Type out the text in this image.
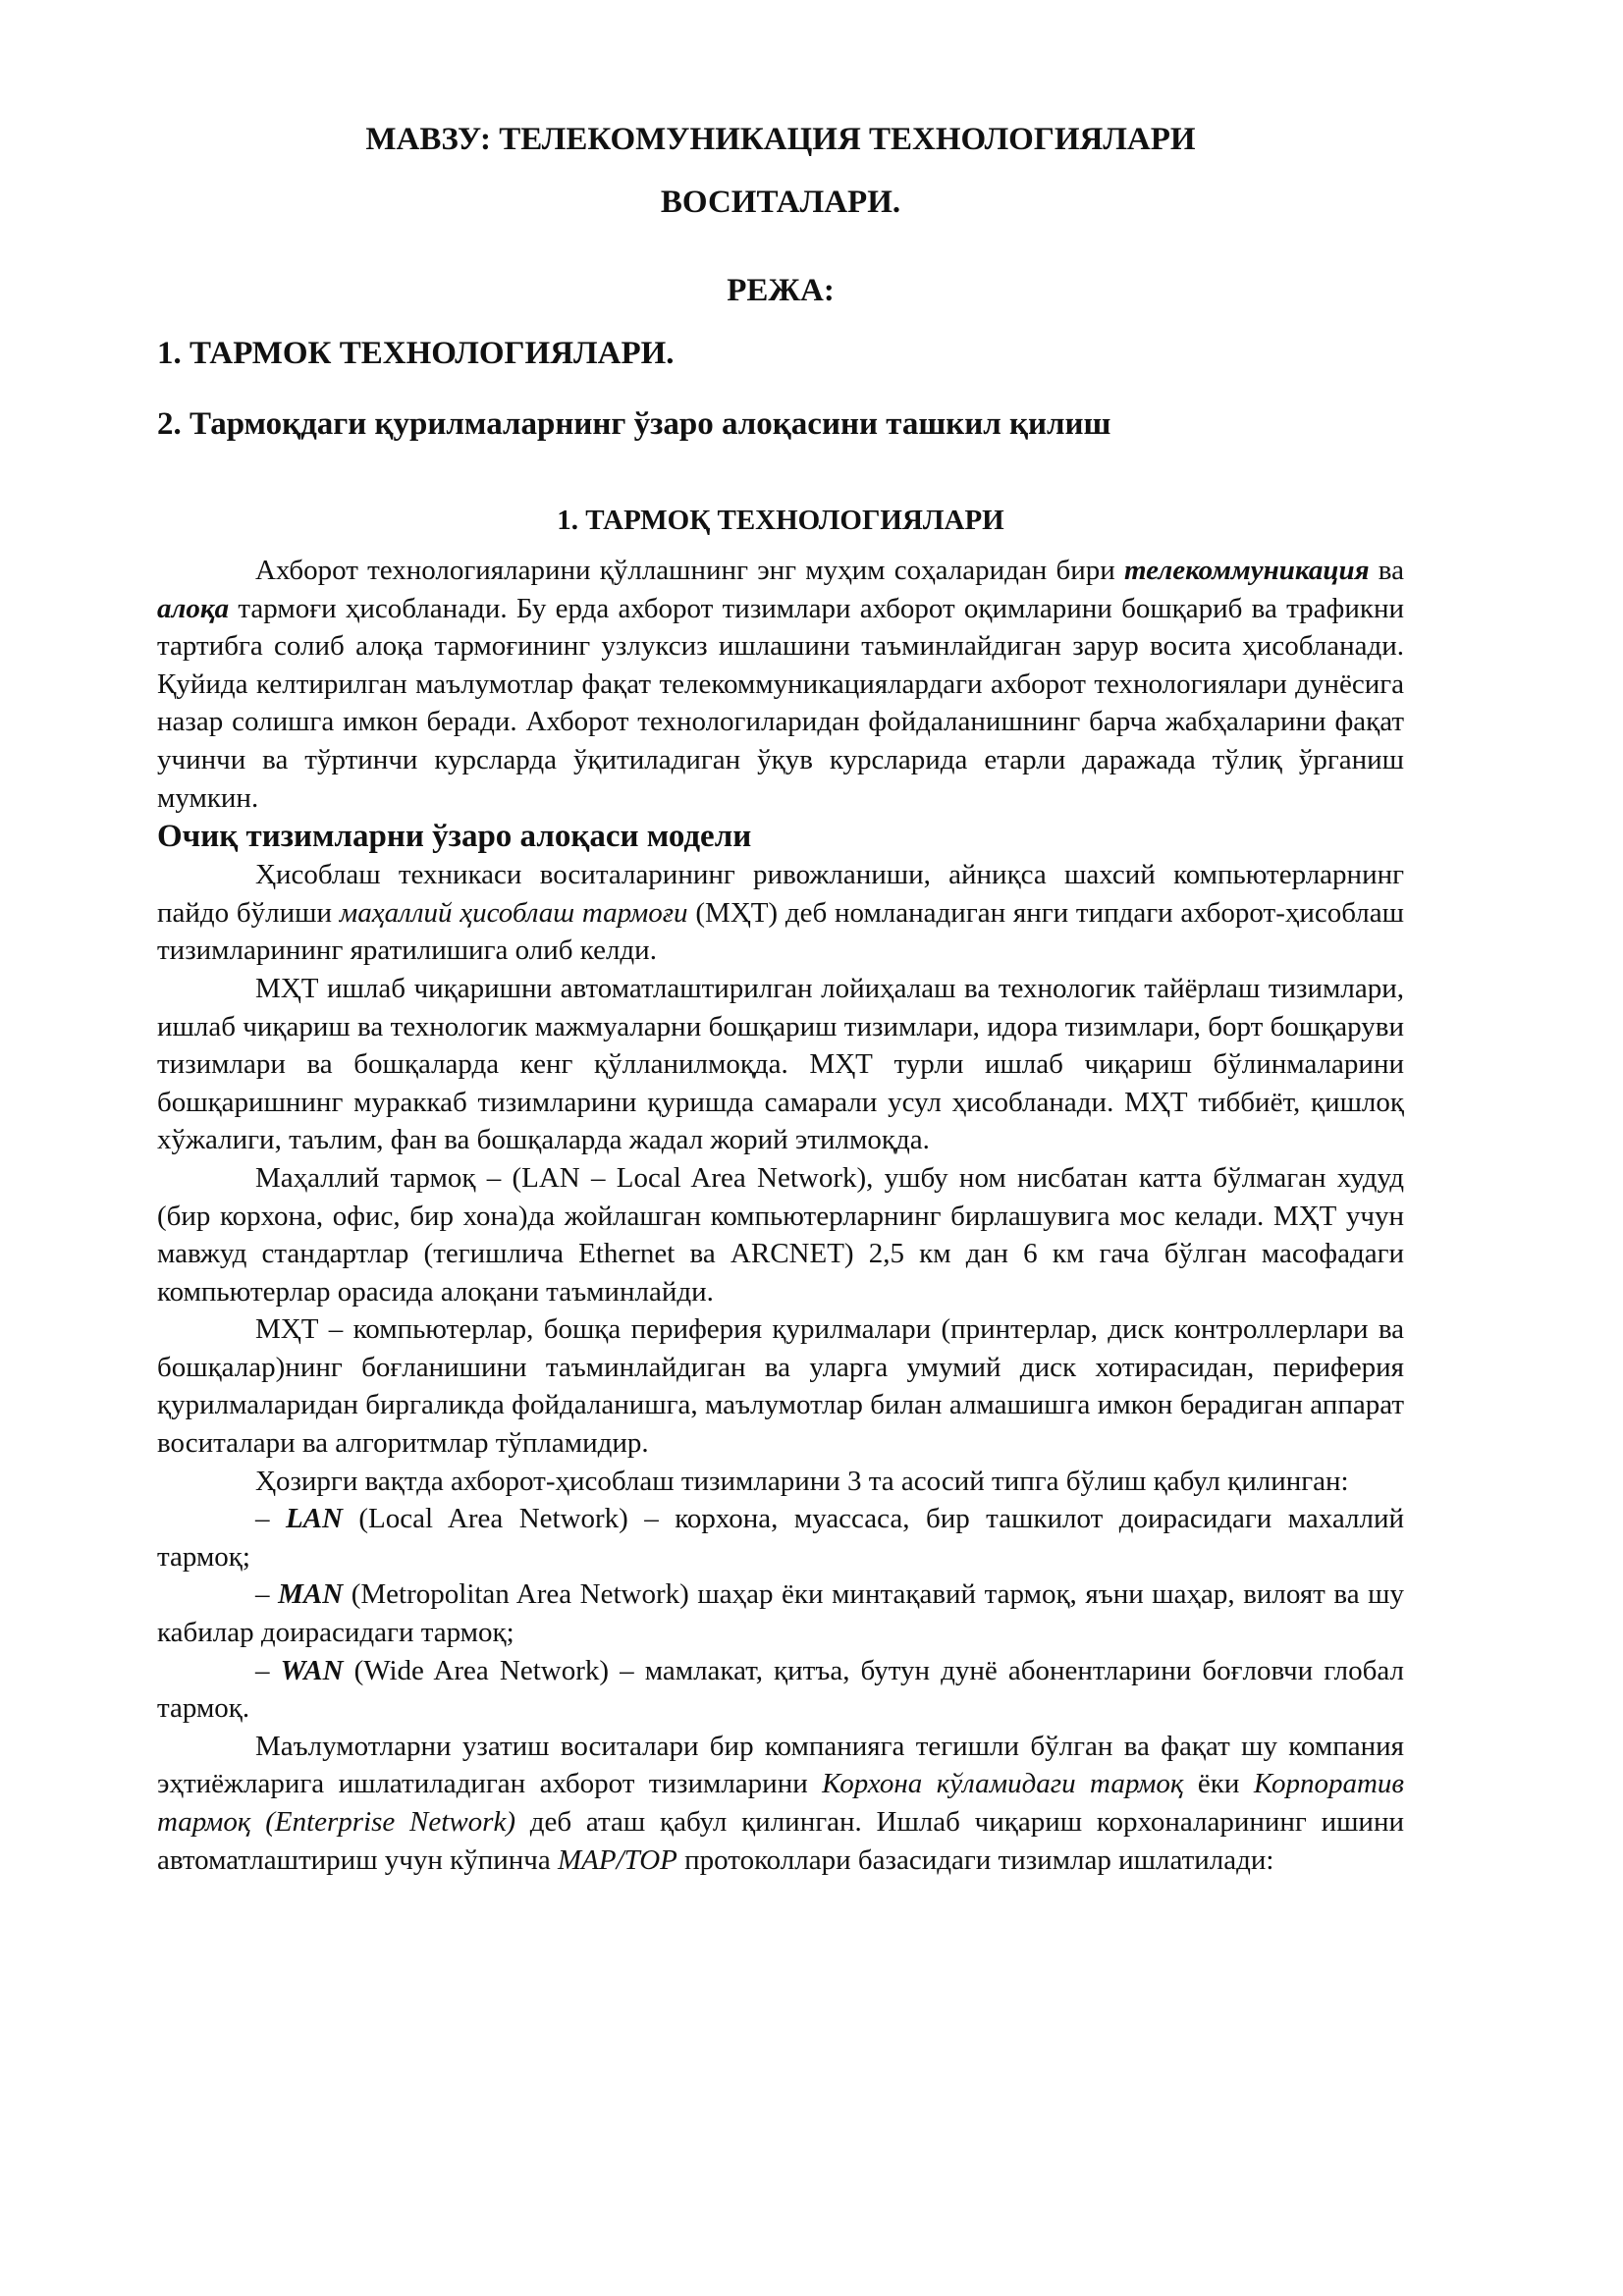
МАВЗУ: ТЕЛЕКОМУНИКАЦИЯ ТЕХНОЛОГИЯЛАРИ
ВОСИТАЛАРИ.
РЕЖА:
1. ТАРМОК ТЕХНОЛОГИЯЛАРИ.
2. Тармоқдаги қурилмаларнинг ўзаро алоқасини ташкил қилиш
1. ТАРМОҚ ТЕХНОЛОГИЯЛАРИ

Ахборот технологияларини қўллашнинг энг муҳим соҳаларидан бири телекоммуникация ва алоқа тармоғи ҳисобланади. Бу ерда ахборот тизимлари ахборот оқимларини бошқариб ва трафикни тартибга солиб алоқа тармоғининг узлуксиз ишлашини таъминлайдиган зарур восита ҳисобланади. Қуйида келтирилган маълумотлар фақат телекоммуникациялардаги ахборот технологиялари дунёсига назар солишга имкон беради. Ахборот технологиларидан фойдаланишнинг барча жабҳаларини фақат учинчи ва тўртинчи курсларда ўқитиладиган ўқув курсларида етарли даражада тўлиқ ўрганиш мумкин.

Очиқ тизимларни ўзаро алоқаси модели

Ҳисоблаш техникаси воситаларининг ривожланиши, айниқса шахсий компьютерларнинг пайдо бўлиши маҳаллий ҳисоблаш тармоғи (МҲТ) деб номланадиган янги типдаги ахборот-ҳисоблаш тизимларининг яратилишига олиб келди.

МҲТ ишлаб чиқаришни автоматлаштирилган лойиҳалаш ва технологик тайёрлаш тизимлари, ишлаб чиқариш ва технологик мажмуаларни бошқариш тизимлари, идора тизимлари, борт бошқаруви тизимлари ва бошқаларда кенг қўлланилмоқда. МҲТ турли ишлаб чиқариш бўлинмаларини бошқаришнинг мураккаб тизимларини қуришда самарали усул ҳисобланади. МҲТ тиббиёт, қишлоқ хўжалиги, таълим, фан ва бошқаларда жадал жорий этилмоқда.

Маҳаллий тармоқ – (LAN – Local Area Network), ушбу ном нисбатан катта бўлмаган худуд (бир корхона, офис, бир хона)да жойлашган компьютерларнинг бирлашувига мос келади. МҲТ учун мавжуд стандартлар (тегишлича Ethernet ва ARCNET) 2,5 км дан 6 км гача бўлган масофадаги компьютерлар орасида алоқани таъминлайди.

МҲТ – компьютерлар, бошқа периферия қурилмалари (принтерлар, диск контроллерлари ва бошқалар)нинг боғланишини таъминлайдиган ва уларга умумий диск хотирасидан, периферия қурилмаларидан биргаликда фойдаланишга, маълумотлар билан алмашишга имкон берадиган аппарат воситалари ва алгоритмлар тўпламидир.

Ҳозирги вақтда ахборот-ҳисоблаш тизимларини 3 та асосий типга бўлиш қабул қилинган:

– LAN (Local Area Network) – корхона, муассаса, бир ташкилот доирасидаги махаллий тармоқ;

– MAN (Metropolitan Area Network) шаҳар ёки минтақавий тармоқ, яъни шаҳар, вилоят ва шу кабилар доирасидаги тармоқ;

– WAN (Wide Area Network) – мамлакат, қитъа, бутун дунё абонентларини боғловчи глобал тармоқ.

Маълумотларни узатиш воситалари бир компанияга тегишли бўлган ва фақат шу компания эҳтиёжларига ишлатиладиган ахборот тизимларини Корхона кўламидаги тармоқ ёки Корпоратив тармоқ (Enterprise Network) деб аташ қабул қилинган. Ишлаб чиқариш корхоналарининг ишини автоматлаштириш учун кўпинча MAP/TOP протоколлари базасидаги тизимлар ишлатилади:
